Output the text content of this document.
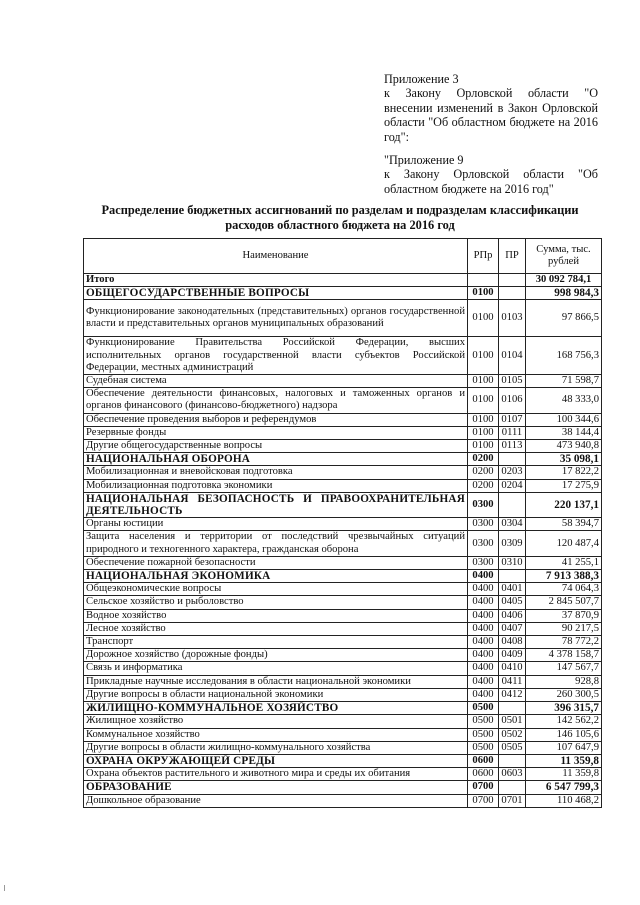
Приложение 3

к Закону Орловской области "О внесении изменений в Закон Орловской области "Об областном бюджете на 2016 год":

"Приложение 9

к Закону Орловской области "Об областном бюджете на 2016 год"

Распределение бюджетных ассигнований по разделам и подразделам классификации
расходов областного бюджета на 2016 год
Наименование	РПр	ПР	Сумма, тыс. рублей
Итого			30 092 784,1
ОБЩЕГОСУДАРСТВЕННЫЕ ВОПРОСЫ	0100		998 984,3
Функционирование законодательных (представительных) органов государственной власти и представительных органов муниципальных образований	0100	0103	97 866,5
Функционирование Правительства Российской Федерации, высших исполнительных органов государственной власти субъектов Российской Федерации, местных администраций	0100	0104	168 756,3
Судебная система	0100	0105	71 598,7
Обеспечение деятельности финансовых, налоговых и таможенных органов и органов финансового (финансово-бюджетного) надзора	0100	0106	48 333,0
Обеспечение проведения выборов и референдумов	0100	0107	100 344,6
Резервные фонды	0100	0111	38 144,4
Другие общегосударственные вопросы	0100	0113	473 940,8
НАЦИОНАЛЬНАЯ ОБОРОНА	0200		35 098,1
Мобилизационная и вневойсковая подготовка	0200	0203	17 822,2
Мобилизационная подготовка экономики	0200	0204	17 275,9
НАЦИОНАЛЬНАЯ БЕЗОПАСНОСТЬ И ПРАВООХРАНИТЕЛЬНАЯ ДЕЯТЕЛЬНОСТЬ	0300		220 137,1
Органы юстиции	0300	0304	58 394,7
Защита населения и территории от последствий чрезвычайных ситуаций природного и техногенного характера, гражданская оборона	0300	0309	120 487,4
Обеспечение пожарной безопасности	0300	0310	41 255,1
НАЦИОНАЛЬНАЯ ЭКОНОМИКА	0400		7 913 388,3
Общеэкономические вопросы	0400	0401	74 064,3
Сельское хозяйство и рыболовство	0400	0405	2 845 507,7
Водное хозяйство	0400	0406	37 870,9
Лесное хозяйство	0400	0407	90 217,5
Транспорт	0400	0408	78 772,2
Дорожное хозяйство (дорожные фонды)	0400	0409	4 378 158,7
Связь и информатика	0400	0410	147 567,7
Прикладные научные исследования в области национальной экономики	0400	0411	928,8
Другие вопросы в области национальной экономики	0400	0412	260 300,5
ЖИЛИЩНО-КОММУНАЛЬНОЕ ХОЗЯЙСТВО	0500		396 315,7
Жилищное хозяйство	0500	0501	142 562,2
Коммунальное хозяйство	0500	0502	146 105,6
Другие вопросы в области жилищно-коммунального хозяйства	0500	0505	107 647,9
ОХРАНА ОКРУЖАЮЩЕЙ СРЕДЫ	0600		11 359,8
Охрана объектов растительного и животного мира и среды их обитания	0600	0603	11 359,8
ОБРАЗОВАНИЕ	0700		6 547 799,3
Дошкольное образование	0700	0701	110 468,2
